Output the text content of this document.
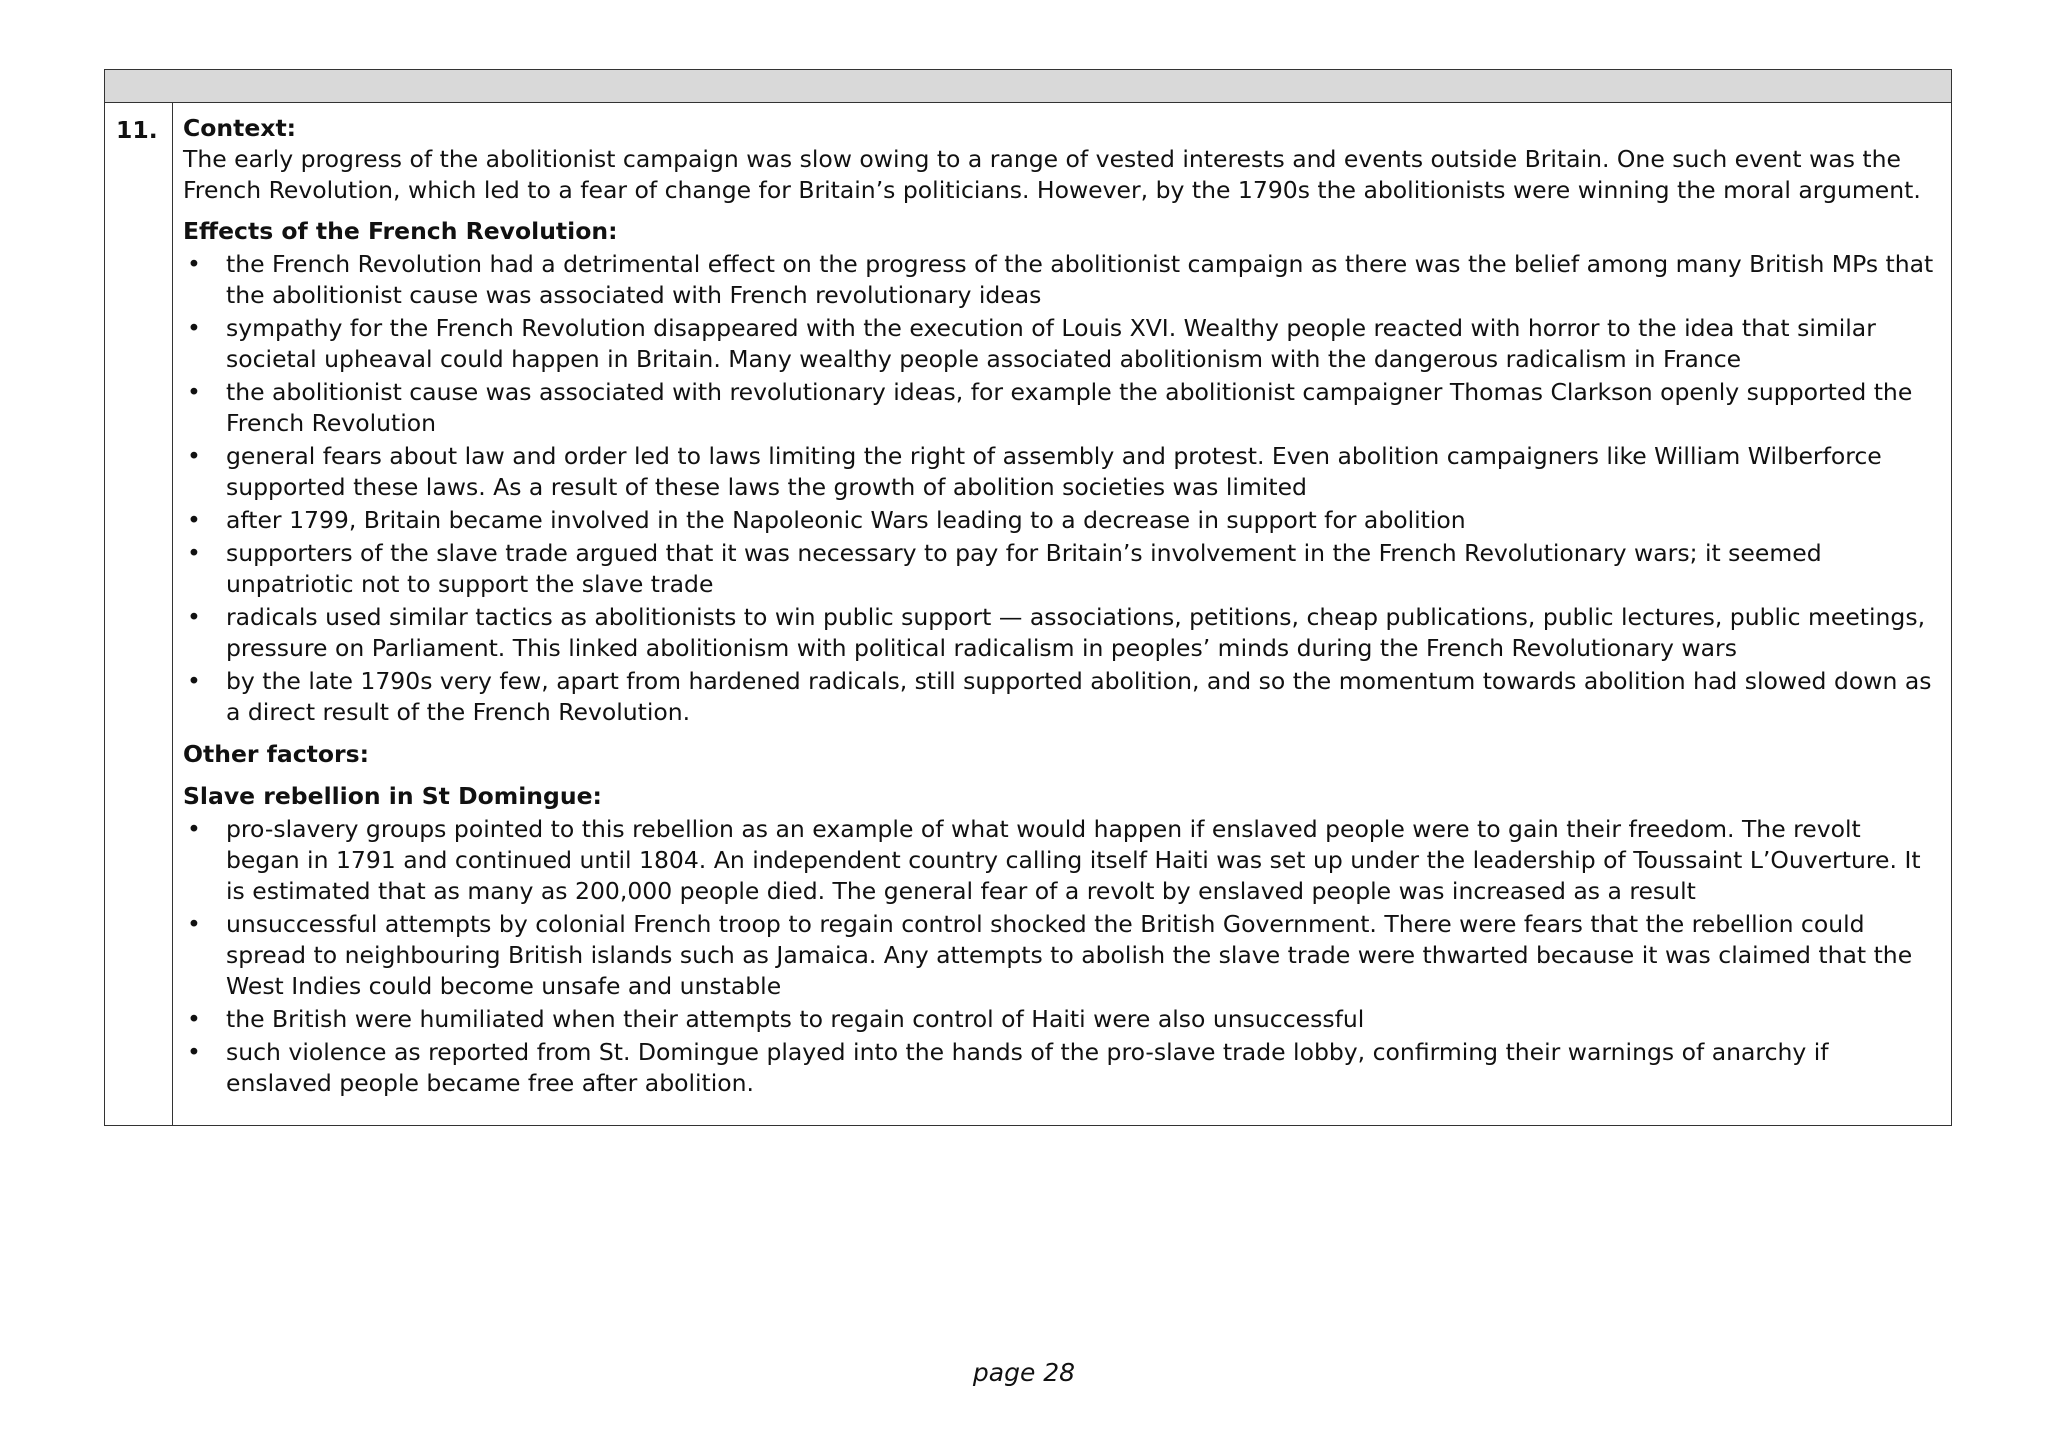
11.	Context:

The early progress of the abolitionist campaign was slow owing to a range of vested interests and events outside Britain. One such event was the French Revolution, which led to a fear of change for Britain’s politicians. However, by the 1790s the abolitionists were winning the moral argument.

Effects of the French Revolution:

• the French Revolution had a detrimental effect on the progress of the abolitionist campaign as there was the belief among many British MPs that the abolitionist cause was associated with French revolutionary ideas
• sympathy for the French Revolution disappeared with the execution of Louis XVI. Wealthy people reacted with horror to the idea that similar societal upheaval could happen in Britain. Many wealthy people associated abolitionism with the dangerous radicalism in France
• the abolitionist cause was associated with revolutionary ideas, for example the abolitionist campaigner Thomas Clarkson openly supported the French Revolution
• general fears about law and order led to laws limiting the right of assembly and protest. Even abolition campaigners like William Wilberforce supported these laws. As a result of these laws the growth of abolition societies was limited
• after 1799, Britain became involved in the Napoleonic Wars leading to a decrease in support for abolition
• supporters of the slave trade argued that it was necessary to pay for Britain’s involvement in the French Revolutionary wars; it seemed unpatriotic not to support the slave trade
• radicals used similar tactics as abolitionists to win public support — associations, petitions, cheap publications, public lectures, public meetings, pressure on Parliament. This linked abolitionism with political radicalism in peoples’ minds during the French Revolutionary wars
• by the late 1790s very few, apart from hardened radicals, still supported abolition, and so the momentum towards abolition had slowed down as a direct result of the French Revolution.

Other factors:

Slave rebellion in St Domingue:

• pro-slavery groups pointed to this rebellion as an example of what would happen if enslaved people were to gain their freedom. The revolt began in 1791 and continued until 1804. An independent country calling itself Haiti was set up under the leadership of Toussaint L’Ouverture. It is estimated that as many as 200,000 people died. The general fear of a revolt by enslaved people was increased as a result
• unsuccessful attempts by colonial French troop to regain control shocked the British Government. There were fears that the rebellion could spread to neighbouring British islands such as Jamaica. Any attempts to abolish the slave trade were thwarted because it was claimed that the West Indies could become unsafe and unstable
• the British were humiliated when their attempts to regain control of Haiti were also unsuccessful
• such violence as reported from St. Domingue played into the hands of the pro-slave trade lobby, confirming their warnings of anarchy if enslaved people became free after abolition.
page 28
